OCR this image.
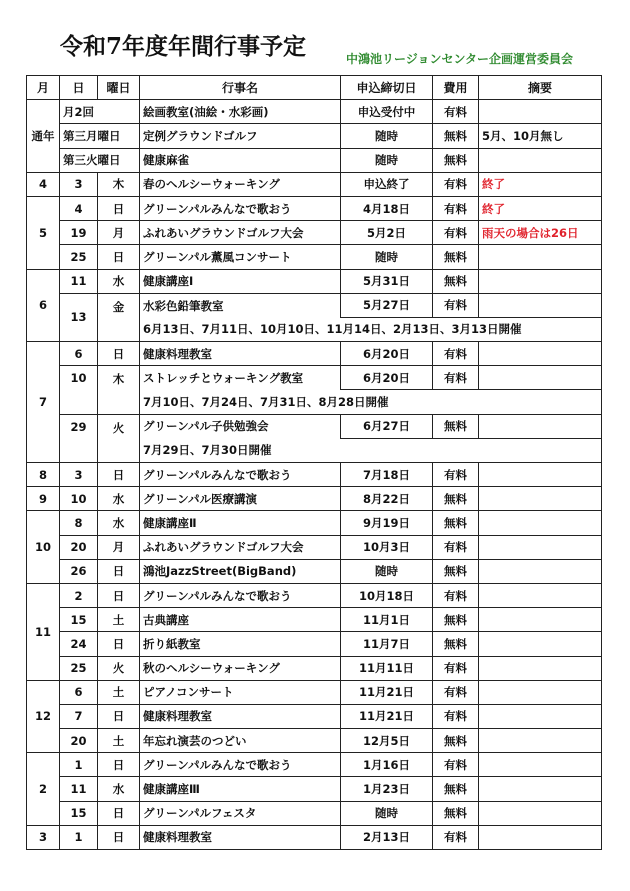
令和7年度年間行事予定	中鴻池リージョンセンター企画運営委員会
月	日	曜日	行事名	申込締切日	費用	摘要
通年	月2回		絵画教室(油絵・水彩画)	申込受付中	有料	
	第三月曜日		定例グラウンドゴルフ	随時	無料	5月、10月無し
	第三火曜日		健康麻雀	随時	無料	
4	3	木	春のヘルシーウォーキング	申込終了	有料	終了
5	4	日	グリーンパルみんなで歌おう	4月18日	有料	終了
	19	月	ふれあいグラウンドゴルフ大会	5月2日	有料	雨天の場合は26日
	25	日	グリーンパル薫風コンサート	随時	無料	
6	11	水	健康講座Ⅰ	5月31日	無料	
	13	金	水彩色鉛筆教室	5月27日	有料	
			6月13日、7月11日、10月10日、11月14日、2月13日、3月13日開催			
7	6	日	健康料理教室	6月20日	有料	
	10	木	ストレッチとウォーキング教室	6月20日	有料	
			7月10日、7月24日、7月31日、8月28日開催			
	29	火	グリーンパル子供勉強会	6月27日	無料	
			7月29日、7月30日開催			
8	3	日	グリーンパルみんなで歌おう	7月18日	有料	
9	10	水	グリーンパル医療講演	8月22日	無料	
10	8	水	健康講座Ⅱ	9月19日	無料	
	20	月	ふれあいグラウンドゴルフ大会	10月3日	有料	
	26	日	鴻池JazzStreet(BigBand)	随時	無料	
11	2	日	グリーンパルみんなで歌おう	10月18日	有料	
	15	土	古典講座	11月1日	無料	
	24	日	折り紙教室	11月7日	無料	
	25	火	秋のヘルシーウォーキング	11月11日	有料	
12	6	土	ピアノコンサート	11月21日	有料	
	7	日	健康料理教室	11月21日	有料	
	20	土	年忘れ演芸のつどい	12月5日	無料	
2	1	日	グリーンパルみんなで歌おう	1月16日	有料	
	11	水	健康講座Ⅲ	1月23日	無料	
	15	日	グリーンパルフェスタ	随時	無料	
3	1	日	健康料理教室	2月13日	有料	
